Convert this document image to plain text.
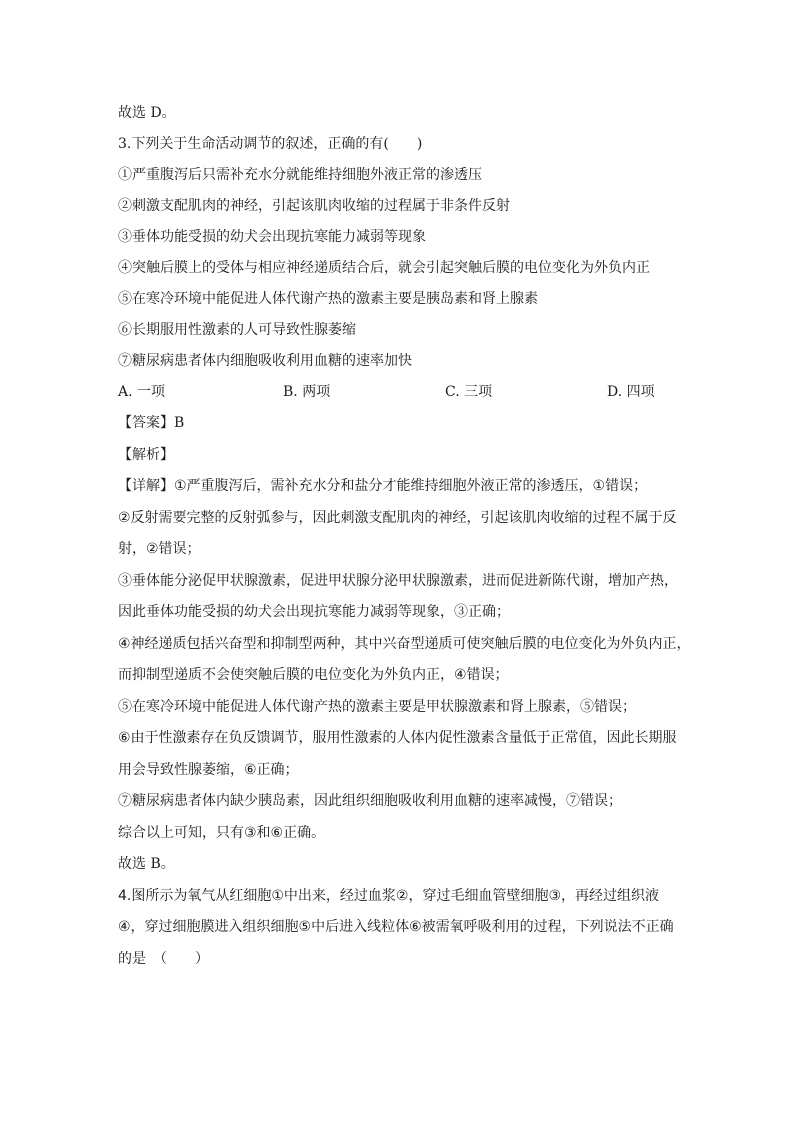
故选 D。
3.下列关于生命活动调节的叙述，正确的有(　　)
①严重腹泻后只需补充水分就能维持细胞外液正常的渗透压
②刺激支配肌肉的神经，引起该肌肉收缩的过程属于非条件反射
③垂体功能受损的幼犬会出现抗寒能力减弱等现象
④突触后膜上的受体与相应神经递质结合后，就会引起突触后膜的电位变化为外负内正
⑤在寒冷环境中能促进人体代谢产热的激素主要是胰岛素和肾上腺素
⑥长期服用性激素的人可导致性腺萎缩
⑦糖尿病患者体内细胞吸收利用血糖的速率加快
A. 一项	B. 两项	C. 三项	D. 四项
【答案】B
【解析】
【详解】①严重腹泻后，需补充水分和盐分才能维持细胞外液正常的渗透压，①错误；
②反射需要完整的反射弧参与，因此刺激支配肌肉的神经，引起该肌肉收缩的过程不属于反
射，②错误；
③垂体能分泌促甲状腺激素，促进甲状腺分泌甲状腺激素，进而促进新陈代谢，增加产热，
因此垂体功能受损的幼犬会出现抗寒能力减弱等现象，③正确；
④神经递质包括兴奋型和抑制型两种，其中兴奋型递质可使突触后膜的电位变化为外负内正，
而抑制型递质不会使突触后膜的电位变化为外负内正，④错误；
⑤在寒冷环境中能促进人体代谢产热的激素主要是甲状腺激素和肾上腺素，⑤错误；
⑥由于性激素存在负反馈调节，服用性激素的人体内促性激素含量低于正常值，因此长期服
用会导致性腺萎缩，⑥正确；
⑦糖尿病患者体内缺少胰岛素，因此组织细胞吸收利用血糖的速率减慢，⑦错误；
综合以上可知，只有③和⑥正确。
故选 B。
4.图所示为氧气从红细胞①中出来，经过血浆②，穿过毛细血管壁细胞③，再经过组织液
④，穿过细胞膜进入组织细胞⑤中后进入线粒体⑥被需氧呼吸利用的过程，下列说法不正确
的是　（　　）
